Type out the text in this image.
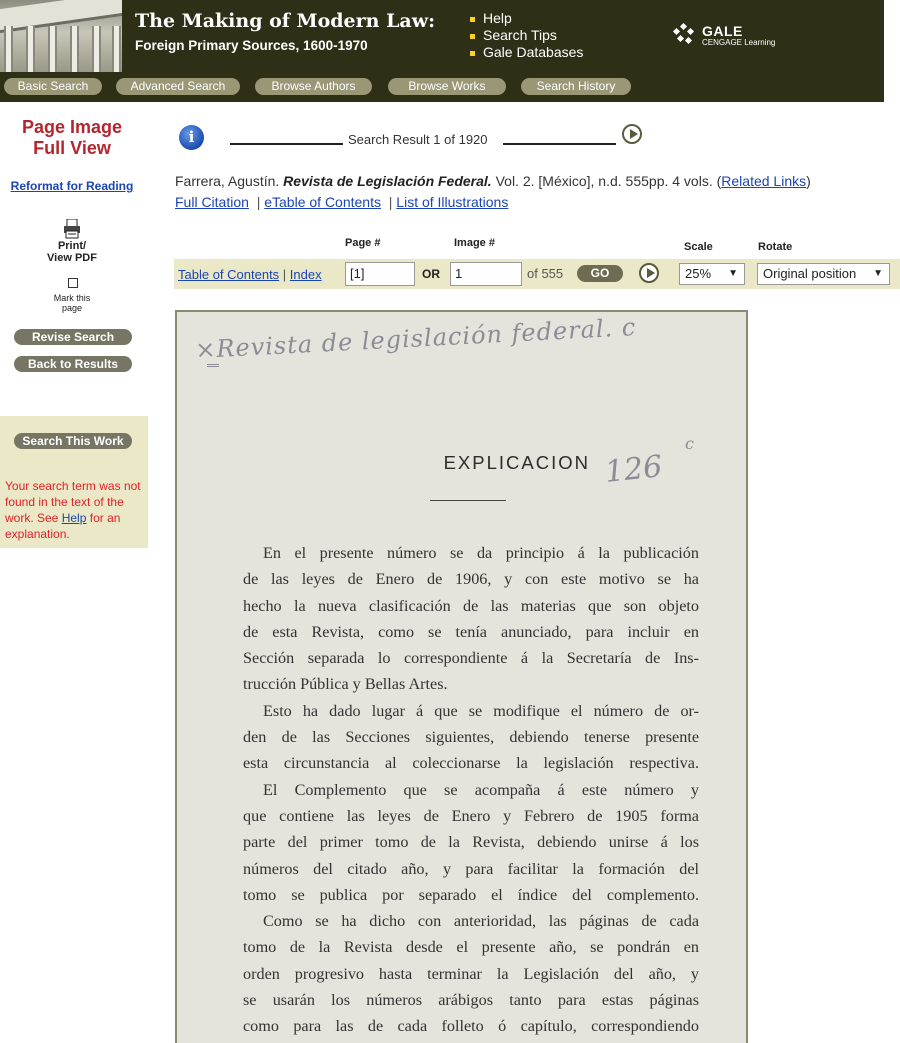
The Making of Modern Law:
Foreign Primary Sources, 1600-1970
Help
Search Tips
Gale Databases
GALE
CENGAGE Learning
Basic Search	Advanced Search	Browse Authors	Browse Works	Search History
Page Image
Full View
Reformat for Reading
Print/
View PDF
Mark this
page
Revise Search
Back to Results
Search This Work
Your search term was not found in the text of the work. See Help for an explanation.
i	Search Result 1 of 1920
Farrera, Agustín. Revista de Legislación Federal. Vol. 2. [México], n.d. 555pp. 4 vols. (Related Links)
Full Citation  | eTable of Contents  | List of Illustrations
Page #	Image #	Scale	Rotate
Table of Contents | Index	[1]	OR	1	of 555	GO	25% ▼	Original position ▼
×Revista de legislación federal. c
c
126
EXPLICACION
En el presente número se da principio á la publicación
de las leyes de Enero de 1906, y con este motivo se ha
hecho la nueva clasificación de las materias que son objeto
de esta Revista, como se tenía anunciado, para incluir en
Sección separada lo correspondiente á la Secretaría de Ins-
trucción Pública y Bellas Artes.
Esto ha dado lugar á que se modifique el número de or-
den de las Secciones siguientes, debiendo tenerse presente
esta circunstancia al coleccionarse la legislación respectiva.
El Complemento que se acompaña á este número y
que contiene las leyes de Enero y Febrero de 1905 forma
parte del primer tomo de la Revista, debiendo unirse á los
números del citado año, y para facilitar la formación del
tomo se publica por separado el índice del complemento.
Como se ha dicho con anterioridad, las páginas de cada
tomo de la Revista desde el presente año, se pondrán en
orden progresivo hasta terminar la Legislación del año, y
se usarán los números arábigos tanto para estas páginas
como para las de cada folleto ó capítulo, correspondiendo
